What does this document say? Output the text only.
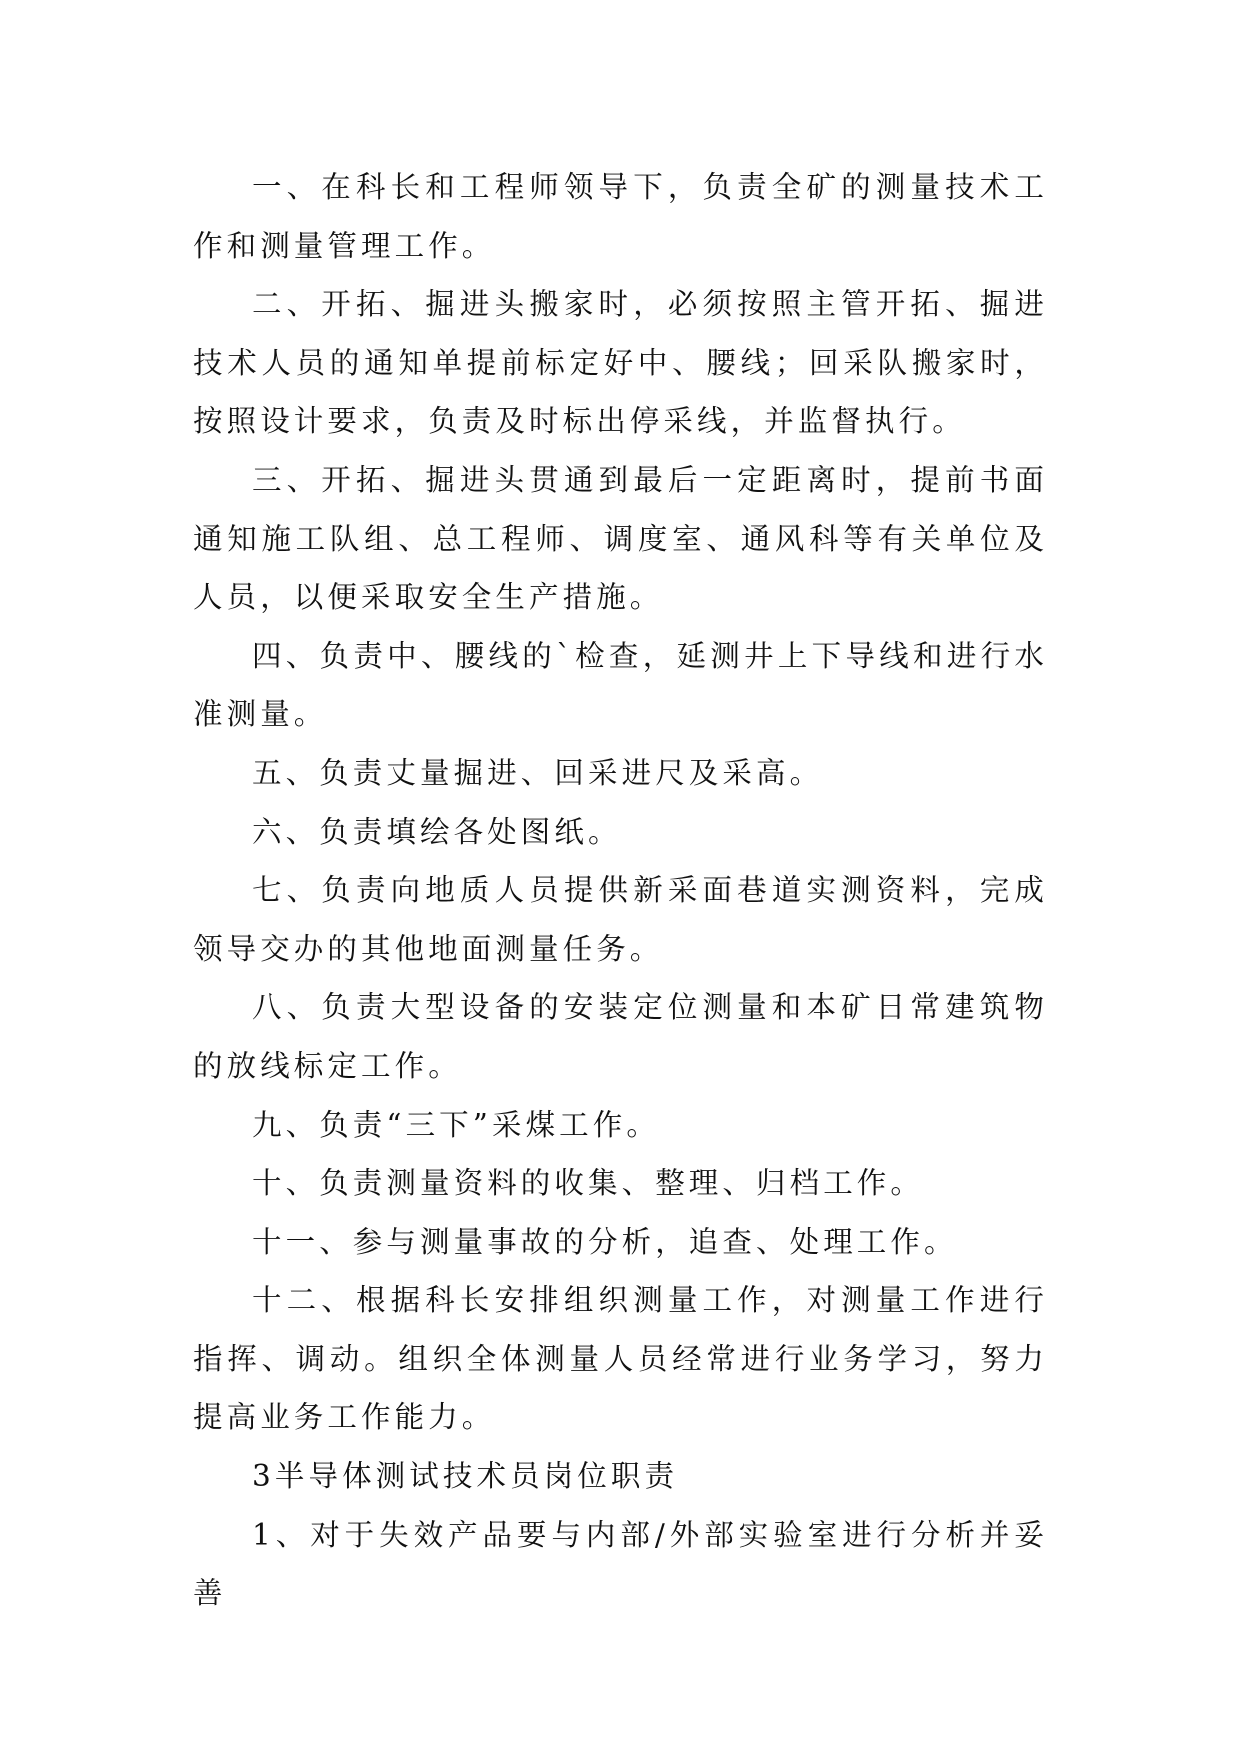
一、在科长和工程师领导下，负责全矿的测量技术工作和测量管理工作。

二、开拓、掘进头搬家时，必须按照主管开拓、掘进技术人员的通知单提前标定好中、腰线；回采队搬家时，按照设计要求，负责及时标出停采线，并监督执行。

三、开拓、掘进头贯通到最后一定距离时，提前书面通知施工队组、总工程师、调度室、通风科等有关单位及人员，以便采取安全生产措施。

四、负责中、腰线的`检查，延测井上下导线和进行水准测量。

五、负责丈量掘进、回采进尺及采高。

六、负责填绘各处图纸。

七、负责向地质人员提供新采面巷道实测资料，完成领导交办的其他地面测量任务。

八、负责大型设备的安装定位测量和本矿日常建筑物的放线标定工作。

九、负责“三下”采煤工作。

十、负责测量资料的收集、整理、归档工作。

十一、参与测量事故的分析，追查、处理工作。

十二、根据科长安排组织测量工作，对测量工作进行指挥、调动。组织全体测量人员经常进行业务学习，努力提高业务工作能力。

3半导体测试技术员岗位职责

1、对于失效产品要与内部/外部实验室进行分析并妥善
